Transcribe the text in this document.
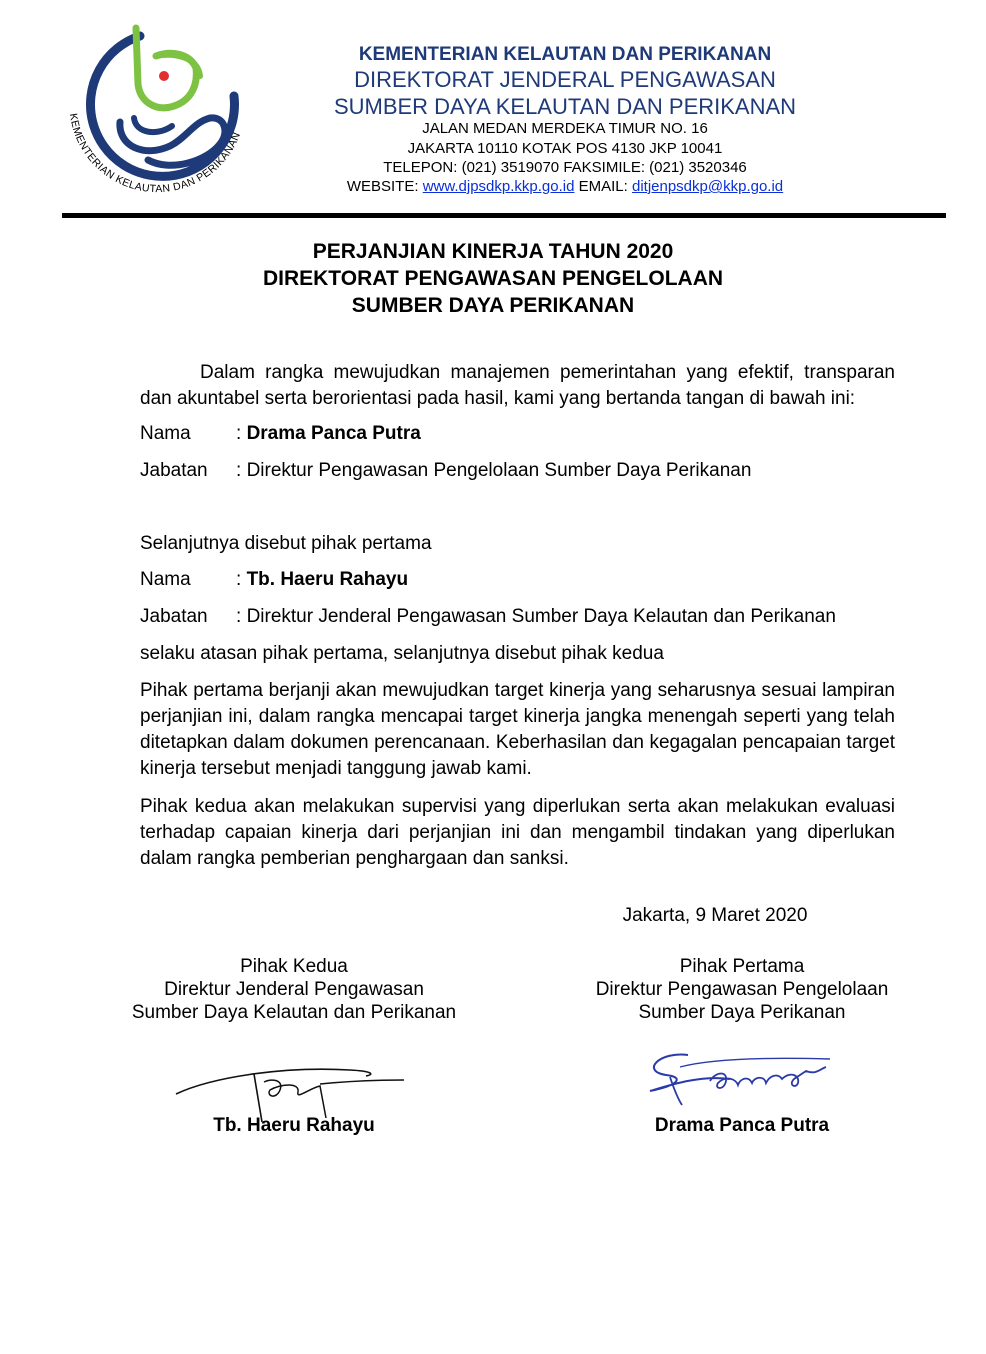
KEMENTERIAN KELAUTAN DAN PERIKANAN
KEMENTERIAN KELAUTAN DAN PERIKANAN
DIREKTORAT JENDERAL PENGAWASAN
SUMBER DAYA KELAUTAN DAN PERIKANAN
JALAN MEDAN MERDEKA TIMUR NO. 16
JAKARTA 10110 KOTAK POS 4130 JKP 10041
TELEPON: (021) 3519070 FAKSIMILE: (021) 3520346
WEBSITE: www.djpsdkp.kkp.go.id EMAIL: ditjenpsdkp@kkp.go.id
PERJANJIAN KINERJA TAHUN 2020
DIREKTORAT PENGAWASAN PENGELOLAAN
SUMBER DAYA PERIKANAN
Dalam rangka mewujudkan manajemen pemerintahan yang efektif, transparan dan akuntabel serta berorientasi pada hasil, kami yang bertanda tangan di bawah ini:
Nama : Drama Panca Putra
Jabatan : Direktur Pengawasan Pengelolaan Sumber Daya Perikanan
Selanjutnya disebut pihak pertama
Nama : Tb. Haeru Rahayu
Jabatan : Direktur Jenderal Pengawasan Sumber Daya Kelautan dan Perikanan
selaku atasan pihak pertama, selanjutnya disebut pihak kedua
Pihak pertama berjanji akan mewujudkan target kinerja yang seharusnya sesuai lampiran perjanjian ini, dalam rangka mencapai target kinerja jangka menengah seperti yang telah ditetapkan dalam dokumen perencanaan. Keberhasilan dan kegagalan pencapaian target kinerja tersebut menjadi tanggung jawab kami.
Pihak kedua akan melakukan supervisi yang diperlukan serta akan melakukan evaluasi terhadap capaian kinerja dari perjanjian ini dan mengambil tindakan yang diperlukan dalam rangka pemberian penghargaan dan sanksi.
Jakarta, 9 Maret 2020
Pihak Kedua
Direktur Jenderal Pengawasan
Sumber Daya Kelautan dan Perikanan
Pihak Pertama
Direktur Pengawasan Pengelolaan
Sumber Daya Perikanan
Tb. Haeru Rahayu	Drama Panca Putra
